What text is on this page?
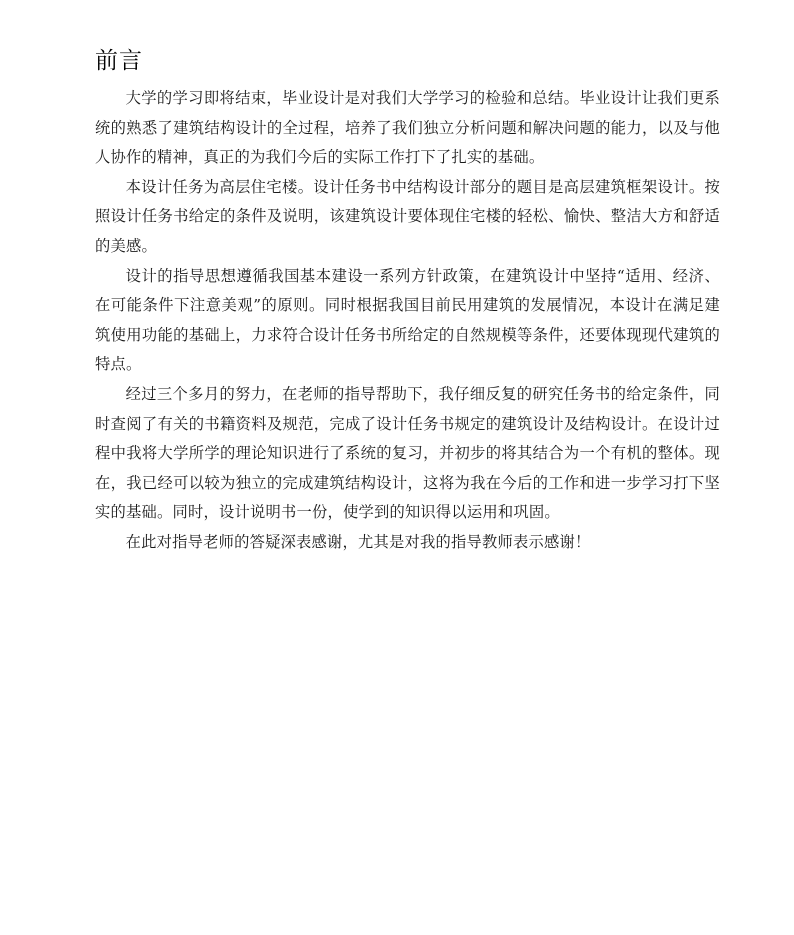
前言

大学的学习即将结束，毕业设计是对我们大学学习的检验和总结。毕业设计让我们更系统的熟悉了建筑结构设计的全过程，培养了我们独立分析问题和解决问题的能力，以及与他人协作的精神，真正的为我们今后的实际工作打下了扎实的基础。

本设计任务为高层住宅楼。设计任务书中结构设计部分的题目是高层建筑框架设计。按照设计任务书给定的条件及说明，该建筑设计要体现住宅楼的轻松、愉快、整洁大方和舒适的美感。

设计的指导思想遵循我国基本建设一系列方针政策，在建筑设计中坚持“适用、经济、在可能条件下注意美观”的原则。同时根据我国目前民用建筑的发展情况，本设计在满足建筑使用功能的基础上，力求符合设计任务书所给定的自然规模等条件，还要体现现代建筑的特点。

经过三个多月的努力，在老师的指导帮助下，我仔细反复的研究任务书的给定条件，同时查阅了有关的书籍资料及规范，完成了设计任务书规定的建筑设计及结构设计。在设计过程中我将大学所学的理论知识进行了系统的复习，并初步的将其结合为一个有机的整体。现在，我已经可以较为独立的完成建筑结构设计，这将为我在今后的工作和进一步学习打下坚实的基础。同时，设计说明书一份，使学到的知识得以运用和巩固。

在此对指导老师的答疑深表感谢，尤其是对我的指导教师表示感谢！
